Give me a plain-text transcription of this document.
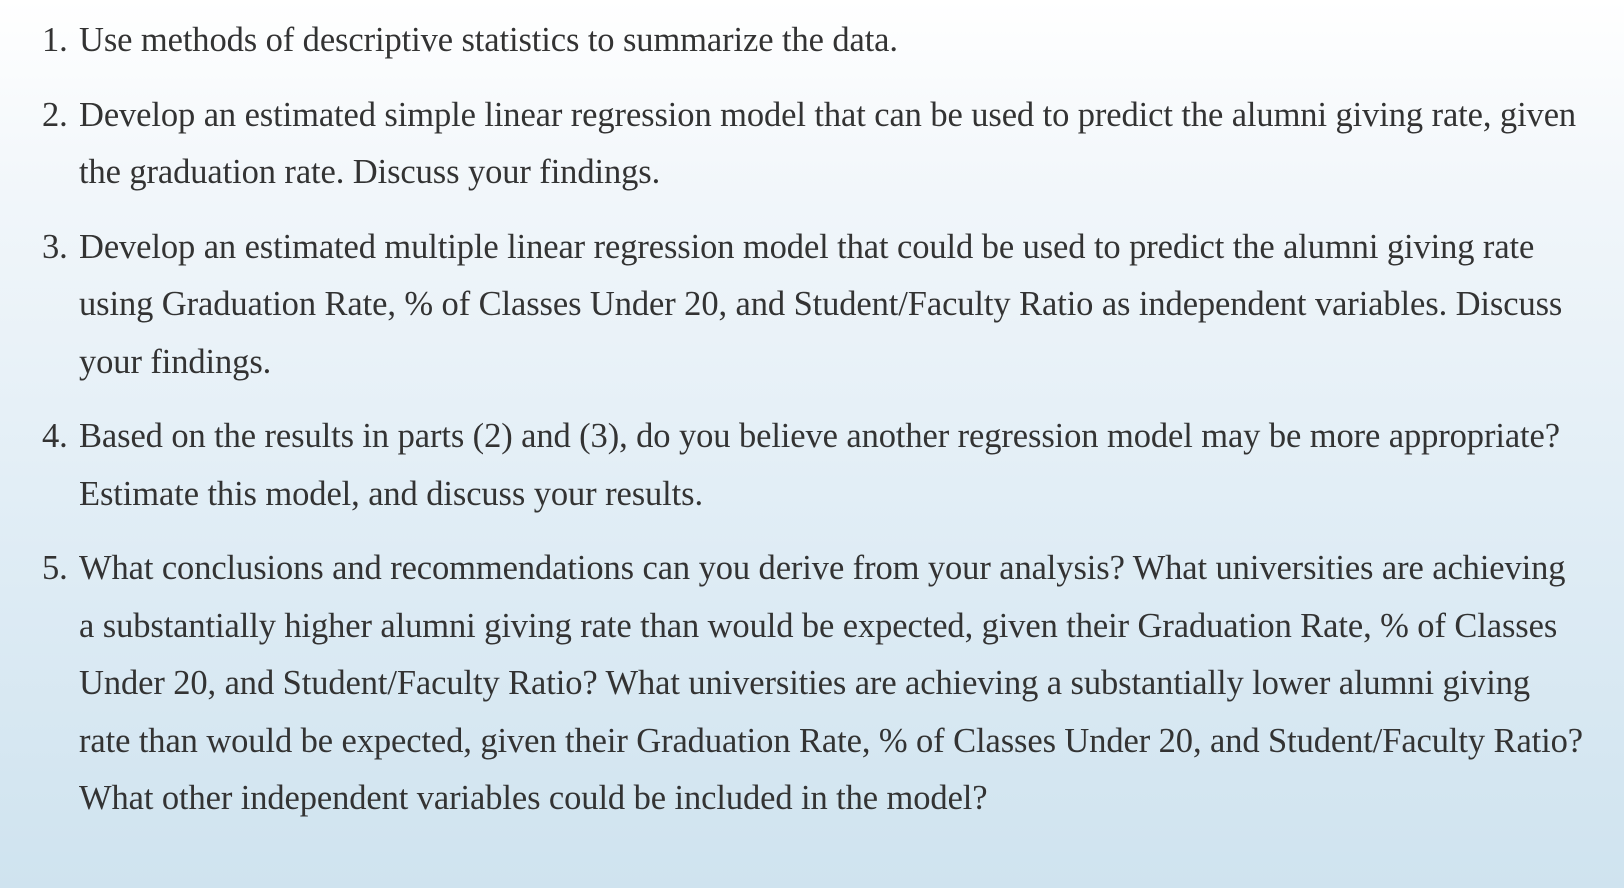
1. Use methods of descriptive statistics to summarize the data.
2. Develop an estimated simple linear regression model that can be used to predict the alumni giving rate, given the graduation rate. Discuss your findings.
3. Develop an estimated multiple linear regression model that could be used to predict the alumni giving rate using Graduation Rate, % of Classes Under 20, and Student/Faculty Ratio as independent variables. Discuss your findings.
4. Based on the results in parts (2) and (3), do you believe another regression model may be more appropriate? Estimate this model, and discuss your results.
5. What conclusions and recommendations can you derive from your analysis? What universities are achieving a substantially higher alumni giving rate than would be expected, given their Graduation Rate, % of Classes Under 20, and Student/Faculty Ratio? What universities are achieving a substantially lower alumni giving rate than would be expected, given their Graduation Rate, % of Classes Under 20, and Student/Faculty Ratio? What other independent variables could be included in the model?
